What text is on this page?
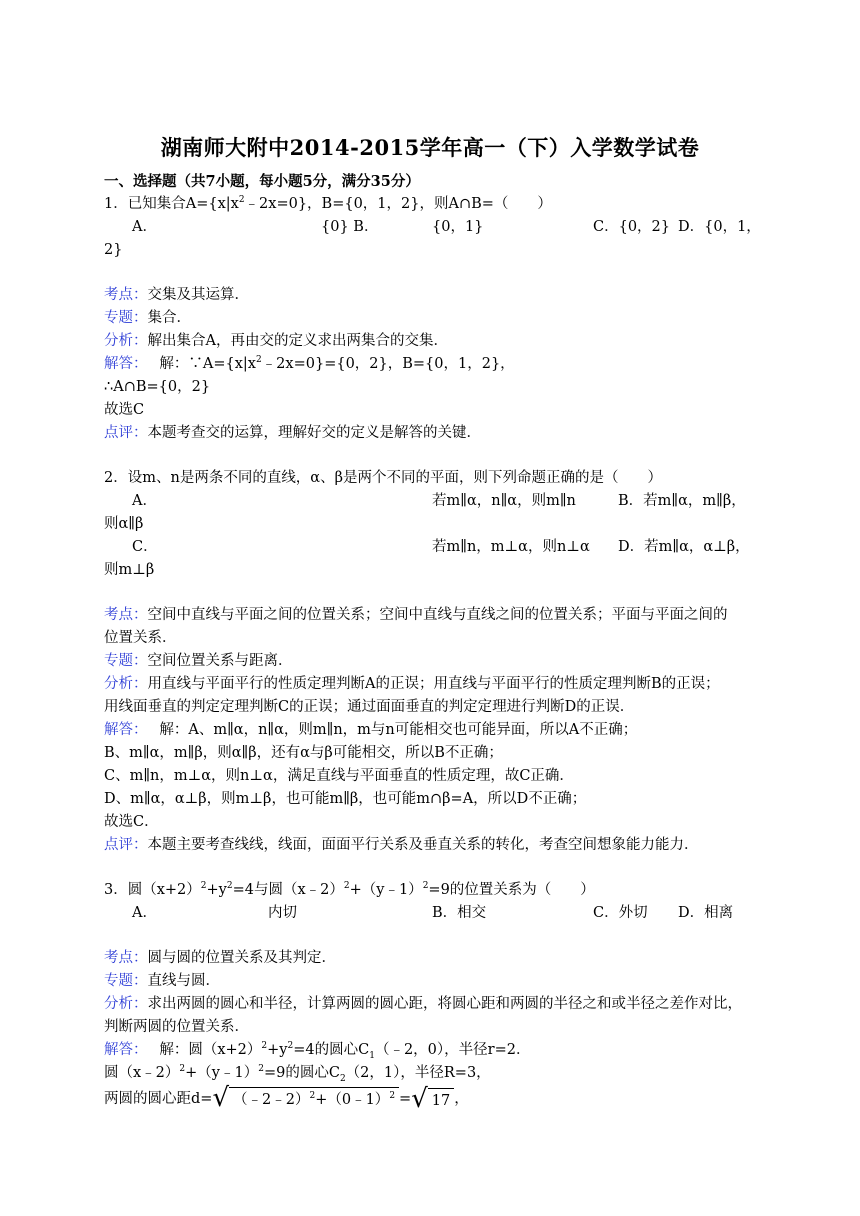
湖南师大附中2014-2015学年高一（下）入学数学试卷
一、选择题（共7小题，每小题5分，满分35分）
1．已知集合$A=\{x|x^2﹣2x=0\}$，B={0，1，2}，则A∩B=（　　）
A．	{0} B．	{0，1}	C．{0，2} D．{0，1，
2}
考点：交集及其运算．
专题：集合．
分析：解出集合A，再由交的定义求出两集合的交集．
解答：　 解：$\because A=\{x|x^2﹣2x=0\}=\{0$，2}，B={0，1，2}，
∴A∩B={0，2}
故选C
点评：本题考查交的运算，理解好交的定义是解答的关键．
2．设m、n是两条不同的直线，α、β是两个不同的平面，则下列命题正确的是（　　）
A．	若m∥α，n∥α，则m∥n	B．若m∥α，m∥β，
则α∥β
C．	若m∥n，m⊥α，则n⊥α D．若m∥α，α⊥β，
则m⊥β
考点：空间中直线与平面之间的位置关系；空间中直线与直线之间的位置关系；平面与平面之间的
位置关系．
专题：空间位置关系与距离．
分析：用直线与平面平行的性质定理判断A的正误；用直线与平面平行的性质定理判断B的正误；
用线面垂直的判定定理判断C的正误；通过面面垂直的判定定理进行判断D的正误．
解答：　 解：A、m∥α，n∥α，则m∥n，m与n可能相交也可能异面，所以A不正确；
B、m∥α，m∥β，则α∥β，还有α与β可能相交，所以B不正确；
C、m∥n，m⊥α，则n⊥α，满足直线与平面垂直的性质定理，故C正确．
D、m∥α，α⊥β，则m⊥β，也可能m∥β，也可能m∩β=A，所以D不正确；
故选C．
点评：本题主要考查线线，线面，面面平行关系及垂直关系的转化，考查空间想象能力能力．
3．圆$(x+2)^2+y^2=4$与圆（x﹣2）$^2$+（y﹣1）$^2$=9的位置关系为（　　）
A．	内切	B．相交	C．外切 D．相离
考点：圆与圆的位置关系及其判定．
专题：直线与圆．
分析：求出两圆的圆心和半径，计算两圆的圆心距，将圆心距和两圆的半径之和或半径之差作对比，
判断两圆的位置关系．
解答：　 解：圆$(x+2)^2+y^2=4$的圆心$C_1(﹣2$，0），半径r=2．
圆（x﹣2）$^2$+（y﹣1）$^2$=9的圆心$C_2(2$，1），半径R=3，
两圆的圆心距d=√ （﹣2﹣2）$^2$+（0﹣1）$^2$ =√ 17 ，
